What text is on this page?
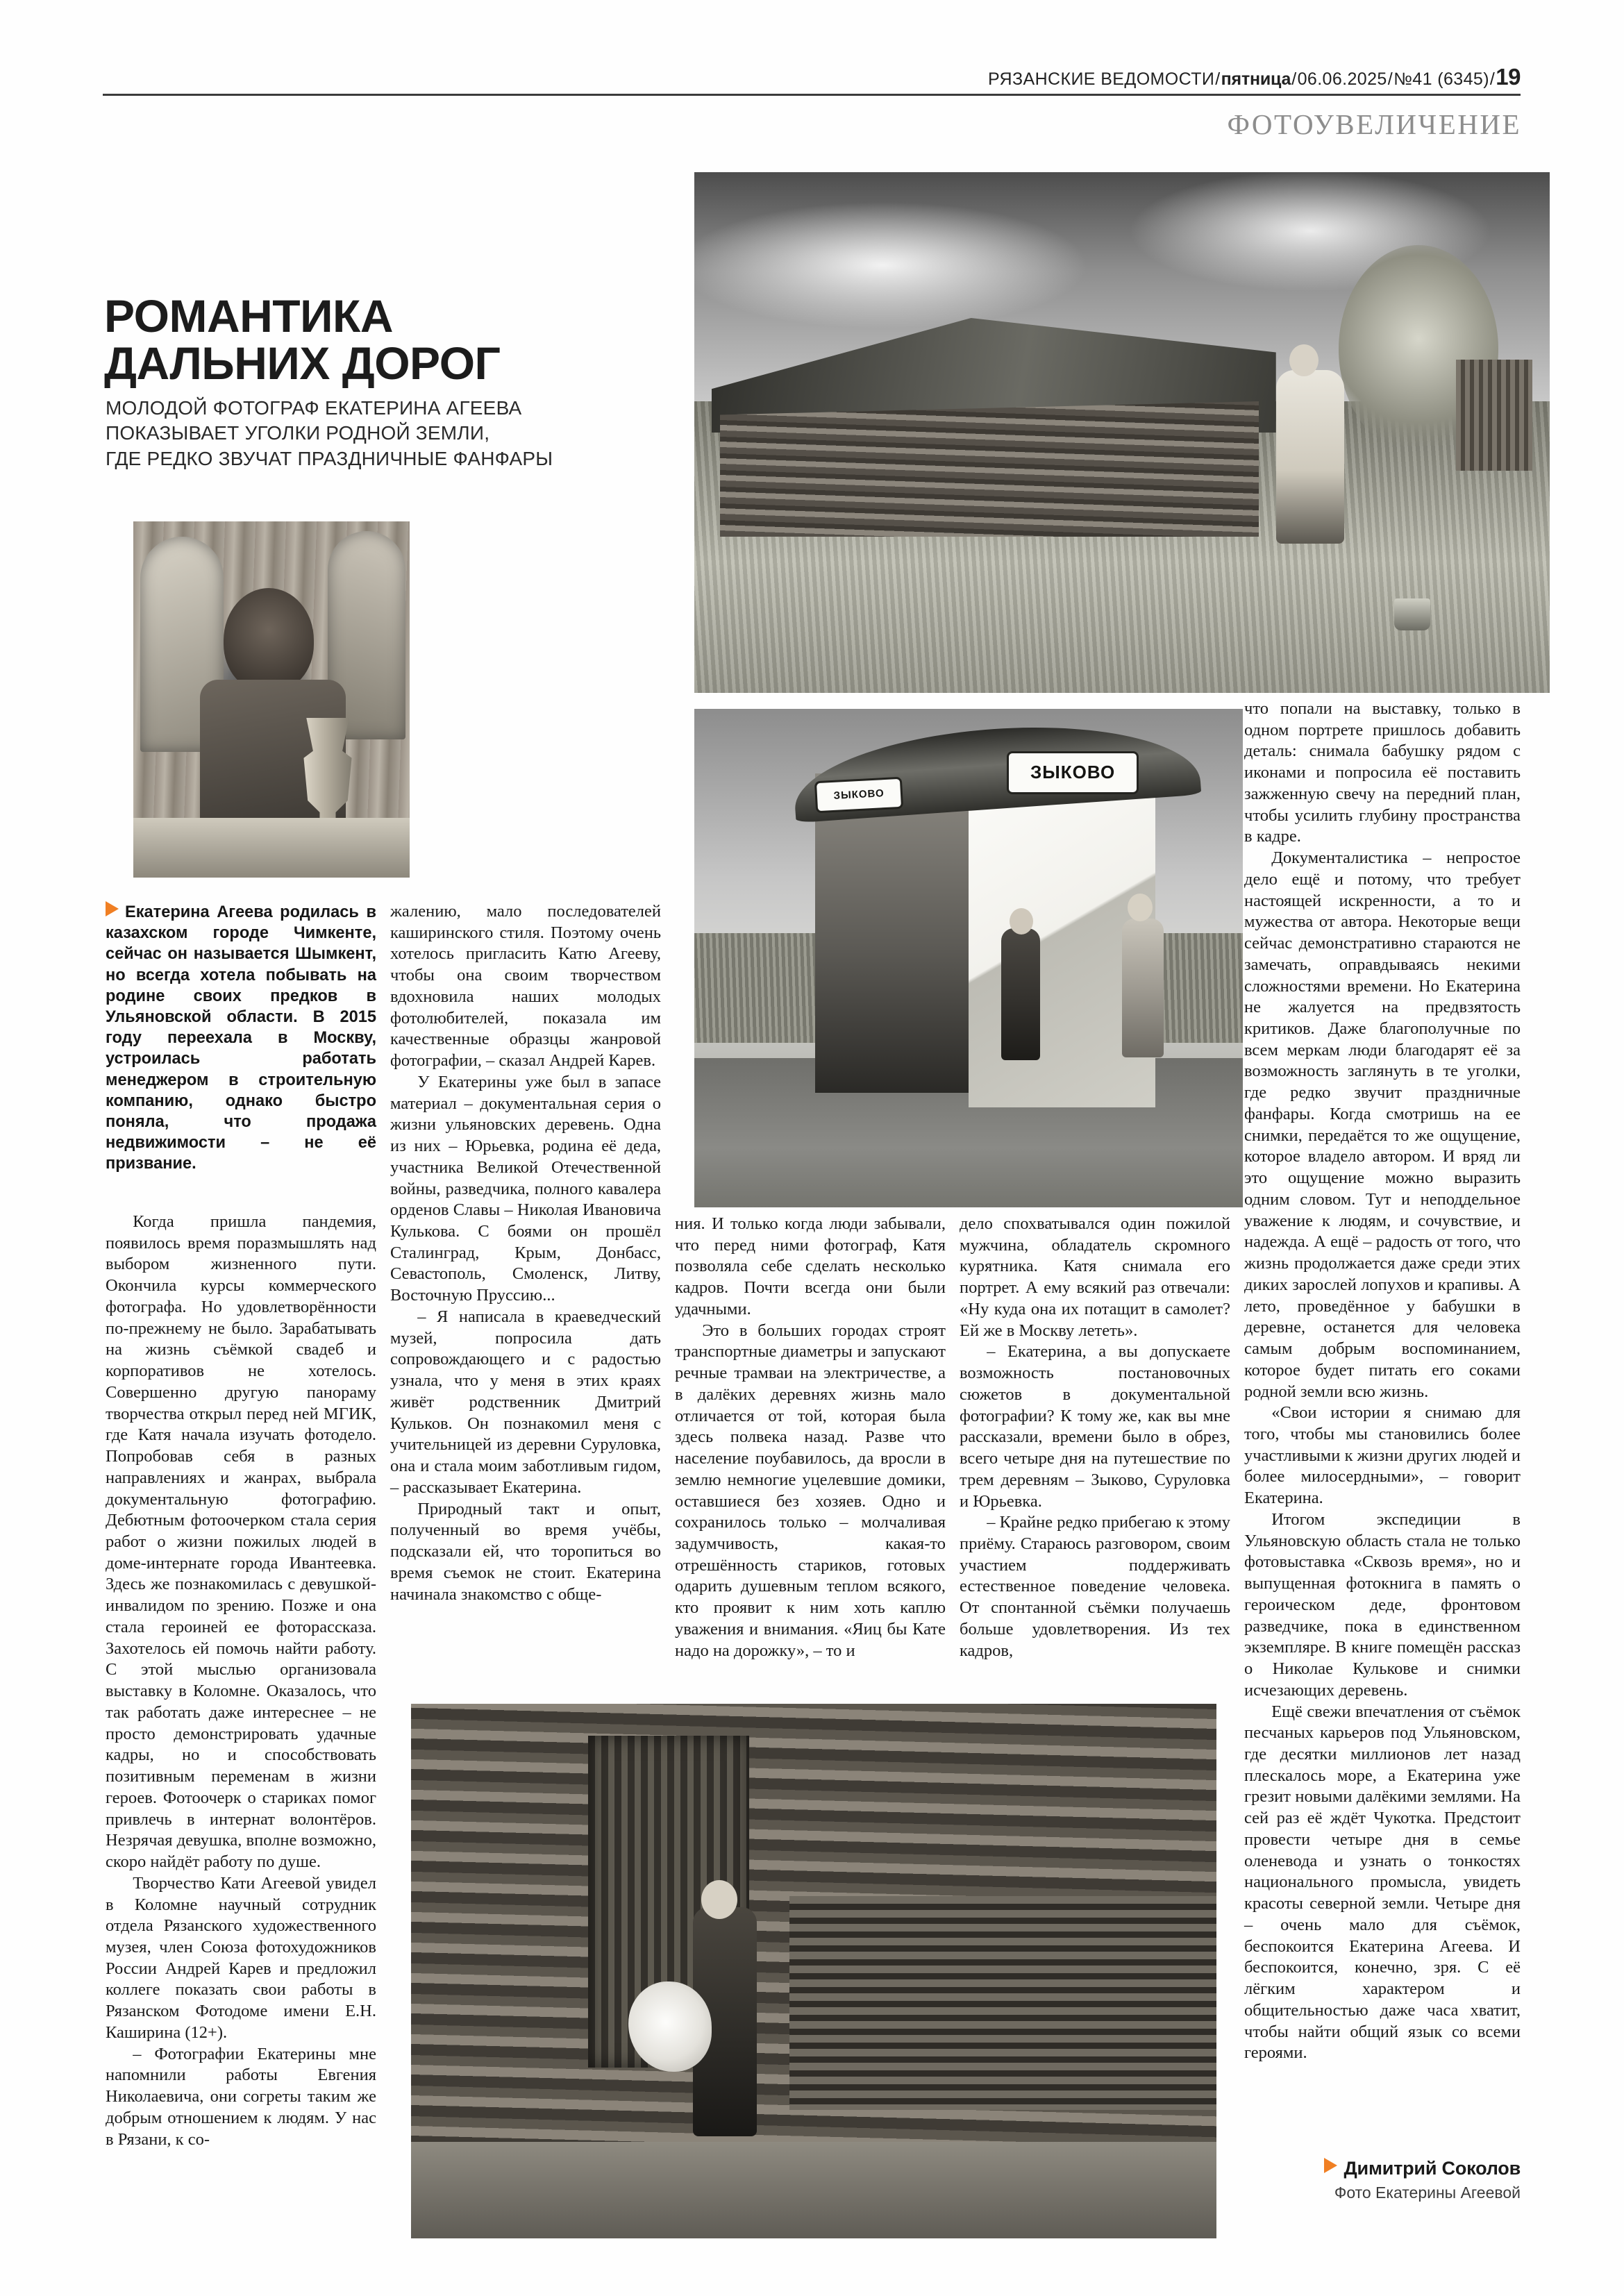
РЯЗАНСКИЕ ВЕДОМОСТИ / пятница / 06.06.2025 / №41 (6345) / 19
ФОТОУВЕЛИЧЕНИЕ
РОМАНТИКА
ДАЛЬНИХ ДОРОГ
МОЛОДОЙ ФОТОГРАФ ЕКАТЕРИНА АГЕЕВА
ПОКАЗЫВАЕТ УГОЛКИ РОДНОЙ ЗЕМЛИ,
ГДЕ РЕДКО ЗВУЧАТ ПРАЗДНИЧНЫЕ ФАНФАРЫ
ЗЫКОВО
ЗЫКОВО
Екатерина Агеева родилась в казахском городе Чимкенте, сейчас он называется Шымкент, но всегда хотела побывать на родине своих предков в Ульяновской области. В 2015 году переехала в Москву, устроилась работать менеджером в строительную компанию, однако быстро поняла, что продажа недвижимости – не её призвание.

Когда пришла пандемия, появилось время поразмышлять над выбором жизненного пути. Окончила курсы коммерческого фотографа. Но удовлетворённости по-прежнему не было. Зарабатывать на жизнь съёмкой свадеб и корпоративов не хотелось. Совершенно другую панораму творчества открыл перед ней МГИК, где Катя начала изучать фотодело. Попробовав себя в разных направлениях и жанрах, выбрала документальную фотографию. Дебютным фотоочерком стала серия работ о жизни пожилых людей в доме-интернате города Ивантеевка. Здесь же познакомилась с девушкой-инвалидом по зрению. Позже и она стала героиней ее фоторассказа. Захотелось ей помочь найти работу. С этой мыслью организовала выставку в Коломне. Оказалось, что так работать даже интереснее – не просто демонстрировать удачные кадры, но и способствовать позитивным переменам в жизни героев. Фотоочерк о стариках помог привлечь в интернат волонтёров. Незрячая девушка, вполне возможно, скоро найдёт работу по душе.

Творчество Кати Агеевой увидел в Коломне научный сотрудник отдела Рязанского художественного музея, член Союза фотохудожников России Андрей Карев и предложил коллеге показать свои работы в Рязанском Фотодоме имени Е.Н. Каширина (12+).

– Фотографии Екатерины мне напомнили работы Евгения Николаевича, они согреты таким же добрым отношением к людям. У нас в Рязани, к со-

жалению, мало последователей каширинского стиля. Поэтому очень хотелось пригласить Катю Агееву, чтобы она своим творчеством вдохновила наших молодых фотолюбителей, показала им качественные образцы жанровой фотографии, – сказал Андрей Карев.

У Екатерины уже был в запасе материал – документальная серия о жизни ульяновских деревень. Одна из них – Юрьевка, родина её деда, участника Великой Отечественной войны, разведчика, полного кавалера орденов Славы – Николая Ивановича Кулькова. С боями он прошёл Сталинград, Крым, Донбасс, Севастополь, Смоленск, Литву, Восточную Пруссию...

– Я написала в краеведческий музей, попросила дать сопровождающего и с радостью узнала, что у меня в этих краях живёт родственник Дмитрий Кульков. Он познакомил меня с учительницей из деревни Суруловка, она и стала моим заботливым гидом, – рассказывает Екатерина.

Природный такт и опыт, полученный во время учёбы, подсказали ей, что торопиться во время съемок не стоит. Екатерина начинала знакомство с обще-

ния. И только когда люди забывали, что перед ними фотограф, Катя позволяла себе сделать несколько кадров. Почти всегда они были удачными.

Это в больших городах строят транспортные диаметры и запускают речные трамваи на электричестве, а в далёких деревнях жизнь мало отличается от той, которая была здесь полвека назад. Разве что население поубавилось, да вросли в землю немногие уцелевшие домики, оставшиеся без хозяев. Одно и сохранилось только – молчаливая задумчивость, какая-то отрешённость стариков, готовых одарить душевным теплом всякого, кто проявит к ним хоть каплю уважения и внимания. «Яиц бы Кате надо на дорожку», – то и

дело спохватывался один пожилой мужчина, обладатель скромного курятника. Катя снимала его портрет. А ему всякий раз отвечали: «Ну куда она их потащит в самолет? Ей же в Москву лететь».

– Екатерина, а вы допускаете возможность постановочных сюжетов в документальной фотографии? К тому же, как вы мне рассказали, времени было в обрез, всего четыре дня на путешествие по трем деревням – Зыково, Суруловка и Юрьевка.

– Крайне редко прибегаю к этому приёму. Стараюсь разговором, своим участием поддерживать естественное поведение человека. От спонтанной съёмки получаешь больше удовлетворения. Из тех кадров,

что попали на выставку, только в одном портрете пришлось добавить деталь: снимала бабушку рядом с иконами и попросила её поставить зажженную свечу на передний план, чтобы усилить глубину пространства в кадре.

Документалистика – непростое дело ещё и потому, что требует настоящей искренности, а то и мужества от автора. Некоторые вещи сейчас демонстративно стараются не замечать, оправдываясь некими сложностями времени. Но Екатерина не жалуется на предвзятость критиков. Даже благополучные по всем меркам люди благодарят её за возможность заглянуть в те уголки, где редко звучит праздничные фанфары. Когда смотришь на ее снимки, передаётся то же ощущение, которое владело автором. И вряд ли это ощущение можно выразить одним словом. Тут и неподдельное уважение к людям, и сочувствие, и надежда. А ещё – радость от того, что жизнь продолжается даже среди этих диких зарослей лопухов и крапивы. А лето, проведённое у бабушки в деревне, останется для человека самым добрым воспоминанием, которое будет питать его соками родной земли всю жизнь.

«Свои истории я снимаю для того, чтобы мы становились более участливыми к жизни других людей и более милосердными», – говорит Екатерина.

Итогом экспедиции в Ульяновскую область стала не только фотовыставка «Сквозь время», но и выпущенная фотокнига в память о героическом деде, фронтовом разведчике, пока в единственном экземпляре. В книге помещён рассказ о Николае Кулькове и снимки исчезающих деревень.

Ещё свежи впечатления от съёмок песчаных карьеров под Ульяновском, где десятки миллионов лет назад плескалось море, а Екатерина уже грезит новыми далёкими землями. На сей раз её ждёт Чукотка. Предстоит провести четыре дня в семье оленевода и узнать о тонкостях национального промысла, увидеть красоты северной земли. Четыре дня – очень мало для съёмок, беспокоится Екатерина Агеева. И беспокоится, конечно, зря. С её лёгким характером и общительностью даже часа хватит, чтобы найти общий язык со всеми героями.

Димитрий Соколов
Фото Екатерины Агеевой
